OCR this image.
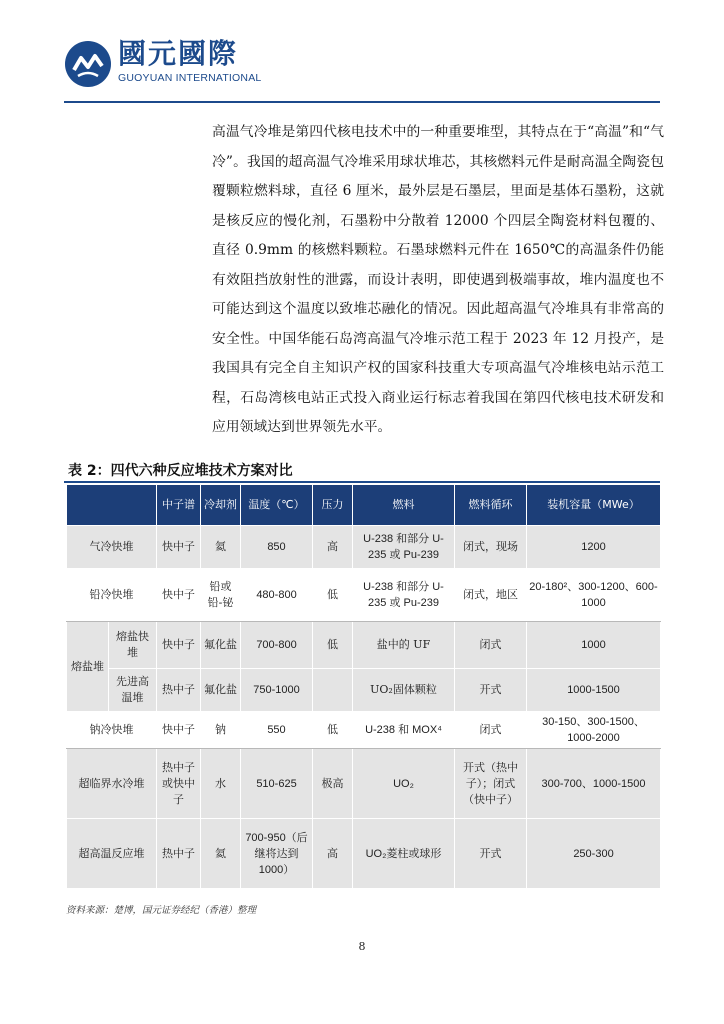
國元國際
GUOYUAN INTERNATIONAL

高温气冷堆是第四代核电技术中的一种重要堆型，其特点在于“高温”和“气冷”。我国的超高温气冷堆采用球状堆芯，其核燃料元件是耐高温全陶瓷包覆颗粒燃料球，直径 6 厘米，最外层是石墨层，里面是基体石墨粉，这就是核反应的慢化剂，石墨粉中分散着 12000 个四层全陶瓷材料包覆的、直径 0.9mm 的核燃料颗粒。石墨球燃料元件在 1650℃的高温条件仍能有效阻挡放射性的泄露，而设计表明，即使遇到极端事故，堆内温度也不可能达到这个温度以致堆芯融化的情况。因此超高温气冷堆具有非常高的安全性。中国华能石岛湾高温气冷堆示范工程于 2023 年 12 月投产，是我国具有完全自主知识产权的国家科技重大专项高温气冷堆核电站示范工程，石岛湾核电站正式投入商业运行标志着我国在第四代核电技术研发和应用领域达到世界领先水平。

表 2：四代六种反应堆技术方案对比
		中子谱	冷却剂	温度（℃）	压力	燃料	燃料循环	装机容量（MWe）
气冷快堆		快中子	氦	850	高	U-238 和部分 U-235 或 Pu-239	闭式，现场	1200
铅冷快堆		快中子	铅或铅-铋	480-800	低	U-238 和部分 U-235 或 Pu-239	闭式，地区	20-180²、300-1200、600-1000
熔盐堆	熔盐快堆	快中子	氟化盐	700-800	低	盐中的 UF	闭式	1000
	先进高温堆	热中子	氟化盐	750-1000		UO₂固体颗粒	开式	1000-1500
钠冷快堆		快中子	钠	550	低	U-238 和 MOX⁴	闭式	30-150、300-1500、1000-2000
超临界水冷堆		热中子或快中子	水	510-625	极高	UO₂	开式（热中子）；闭式（快中子）	300-700、1000-1500
超高温反应堆		热中子	氦	700-950（后继将达到 1000）	高	UO₂菱柱或球形	开式	250-300
资料来源：楚博，国元证券经纪（香港）整理
8
